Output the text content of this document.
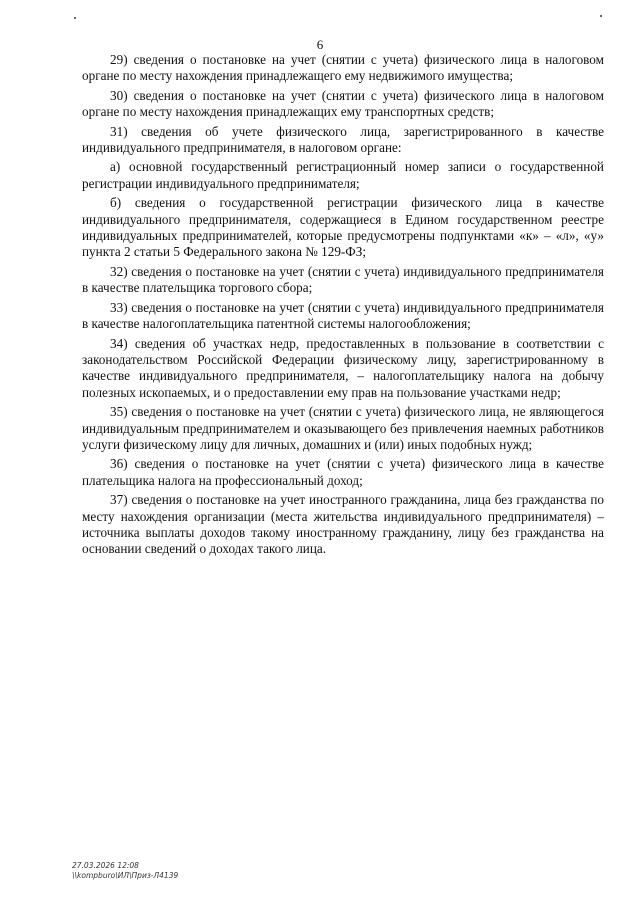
6

29) сведения о постановке на учет (снятии с учета) физического лица в налоговом органе по месту нахождения принадлежащего ему недвижимого имущества;

30) сведения о постановке на учет (снятии с учета) физического лица в налоговом органе по месту нахождения принадлежащих ему транспортных средств;

31) сведения об учете физического лица, зарегистрированного в качестве индивидуального предпринимателя, в налоговом органе:

а) основной государственный регистрационный номер записи о государственной регистрации индивидуального предпринимателя;

б) сведения о государственной регистрации физического лица в качестве индивидуального предпринимателя, содержащиеся в Едином государственном реестре индивидуальных предпринимателей, которые предусмотрены подпунктами «к» – «л», «у» пункта 2 статьи 5 Федерального закона № 129-ФЗ;

32) сведения о постановке на учет (снятии с учета) индивидуального предпринимателя в качестве плательщика торгового сбора;

33) сведения о постановке на учет (снятии с учета) индивидуального предпринимателя в качестве налогоплательщика патентной системы налогообложения;

34) сведения об участках недр, предоставленных в пользование в соответствии с законодательством Российской Федерации физическому лицу, зарегистрированному в качестве индивидуального предпринимателя, – налогоплательщику налога на добычу полезных ископаемых, и о предоставлении ему прав на пользование участками недр;

35) сведения о постановке на учет (снятии с учета) физического лица, не являющегося индивидуальным предпринимателем и оказывающего без привлечения наемных работников услуги физическому лицу для личных, домашних и (или) иных подобных нужд;

36) сведения о постановке на учет (снятии с учета) физического лица в качестве плательщика налога на профессиональный доход;

37) сведения о постановке на учет иностранного гражданина, лица без гражданства по месту нахождения организации (места жительства индивидуального предпринимателя) – источника выплаты доходов такому иностранному гражданину, лицу без гражданства на основании сведений о доходах такого лица.

27.03.2026 12:08
\\kompburo\ИЛ\Приз-Л4139
